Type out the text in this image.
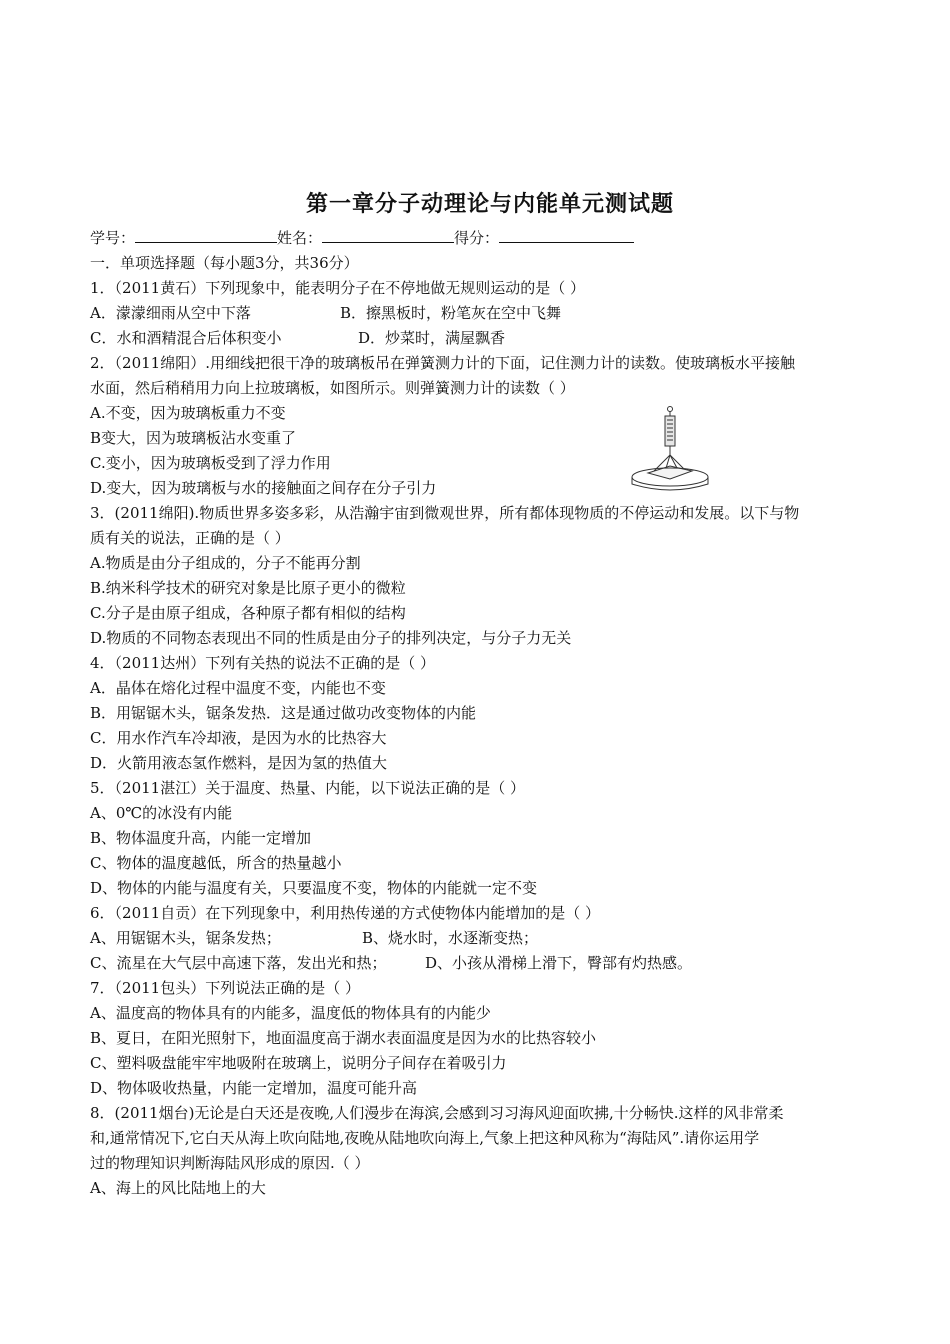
第一章分子动理论与内能单元测试题
学号：	姓名：	得分：
一．单项选择题（每小题3分，共36分）
1．（2011黄石）下列现象中，能表明分子在不停地做无规则运动的是（ ）
A．濛濛细雨从空中下落	B．擦黑板时，粉笔灰在空中飞舞
C．水和酒精混合后体积变小	D．炒菜时，满屋飘香
2．（2011绵阳）.用细线把很干净的玻璃板吊在弹簧测力计的下面，记住测力计的读数。使玻璃板水平接触
水面，然后稍稍用力向上拉玻璃板，如图所示。则弹簧测力计的读数（ ）
A.不变，因为玻璃板重力不变
B变大，因为玻璃板沾水变重了
C.变小，因为玻璃板受到了浮力作用
D.变大，因为玻璃板与水的接触面之间存在分子引力
3．(2011绵阳).物质世界多姿多彩，从浩瀚宇宙到微观世界，所有都体现物质的不停运动和发展。以下与物
质有关的说法，正确的是（ ）
A.物质是由分子组成的，分子不能再分割
B.纳米科学技术的研究对象是比原子更小的微粒
C.分子是由原子组成，各种原子都有相似的结构
D.物质的不同物态表现出不同的性质是由分子的排列决定，与分子力无关
4．（2011达州）下列有关热的说法不正确的是（ ）
A．晶体在熔化过程中温度不变，内能也不变
B．用锯锯木头，锯条发热．这是通过做功改变物体的内能
C．用水作汽车冷却液，是因为水的比热容大
D．火箭用液态氢作燃料，是因为氢的热值大
5．（2011湛江）关于温度、热量、内能，以下说法正确的是（ ）
A、0℃的冰没有内能
B、物体温度升高，内能一定增加
C、物体的温度越低，所含的热量越小
D、物体的内能与温度有关，只要温度不变，物体的内能就一定不变
6．（2011自贡）在下列现象中，利用热传递的方式使物体内能增加的是（ ）
A、用锯锯木头，锯条发热；	B、烧水时，水逐渐变热；
C、流星在大气层中高速下落，发出光和热；	D、小孩从滑梯上滑下，臀部有灼热感。
7．（2011包头）下列说法正确的是（ ）
A、温度高的物体具有的内能多，温度低的物体具有的内能少
B、夏日，在阳光照射下，地面温度高于湖水表面温度是因为水的比热容较小
C、塑料吸盘能牢牢地吸附在玻璃上，说明分子间存在着吸引力
D、物体吸收热量，内能一定增加，温度可能升高
8．(2011烟台)无论是白天还是夜晚,人们漫步在海滨,会感到习习海风迎面吹拂,十分畅快.这样的风非常柔
和,通常情况下,它白天从海上吹向陆地,夜晚从陆地吹向海上,气象上把这种风称为“海陆风”.请你运用学
过的物理知识判断海陆风形成的原因.（ ）
A、海上的风比陆地上的大
